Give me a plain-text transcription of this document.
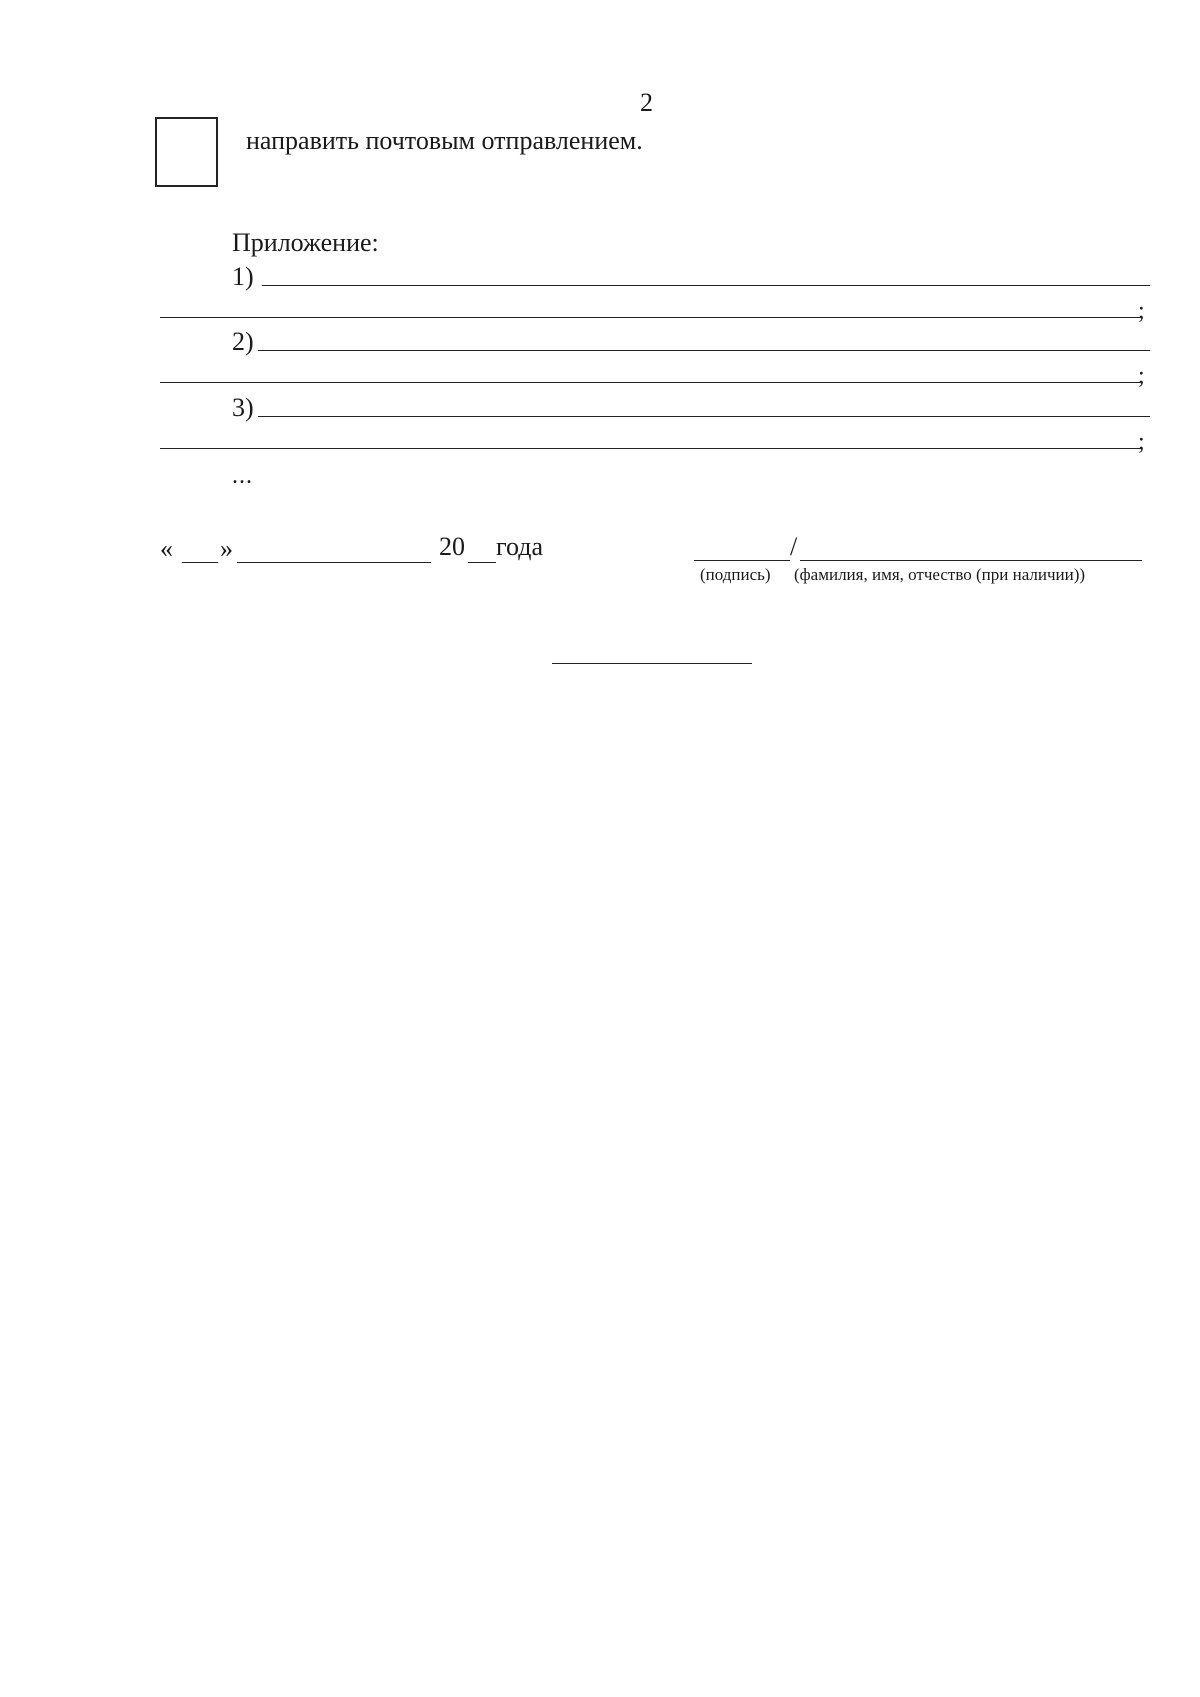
2
направить почтовым отправлением.
Приложение:
1)
;
2)
;
3)
;
...
« »	20 года	/
(подпись) (фамилия, имя, отчество (при наличии))
